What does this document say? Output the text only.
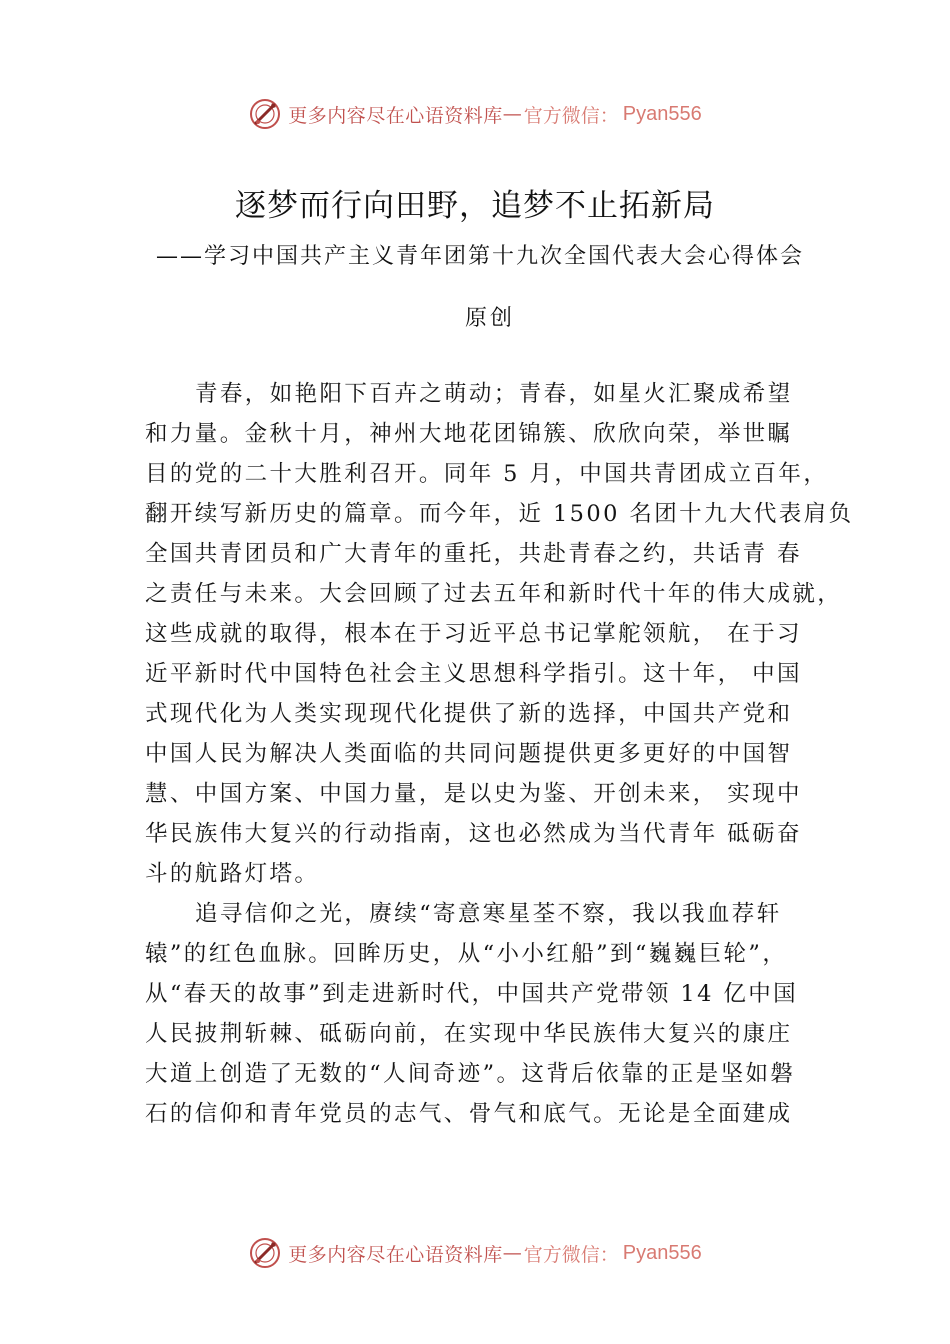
更多内容尽在心语资料库 — 官方微信： Pyan556
逐梦而行向田野，追梦不止拓新局
——学习中国共产主义青年团第十九次全国代表大会心得体会
原创
青春，如艳阳下百卉之萌动；青春，如星火汇聚成希望
和力量。金秋十月，神州大地花团锦簇、欣欣向荣，举世瞩
目的党的二十大胜利召开。同年 5 月，中国共青团成立百年，
翻开续写新历史的篇章。而今年，近 1500 名团十九大代表肩负
全国共青团员和广大青年的重托，共赴青春之约，共话青 春
之责任与未来。大会回顾了过去五年和新时代十年的伟大成就，
这些成就的取得，根本在于习近平总书记掌舵领航， 在于习
近平新时代中国特色社会主义思想科学指引。这十年， 中国
式现代化为人类实现现代化提供了新的选择，中国共产党和
中国人民为解决人类面临的共同问题提供更多更好的中国智
慧、中国方案、中国力量，是以史为鉴、开创未来， 实现中
华民族伟大复兴的行动指南，这也必然成为当代青年 砥砺奋
斗的航路灯塔。
追寻信仰之光，赓续“寄意寒星荃不察，我以我血荐轩
辕”的红色血脉。回眸历史，从“小小红船”到“巍巍巨轮”，
从“春天的故事”到走进新时代，中国共产党带领 14 亿中国
人民披荆斩棘、砥砺向前，在实现中华民族伟大复兴的康庄
大道上创造了无数的“人间奇迹”。这背后依靠的正是坚如磐
石的信仰和青年党员的志气、骨气和底气。无论是全面建成
更多内容尽在心语资料库 — 官方微信： Pyan556
